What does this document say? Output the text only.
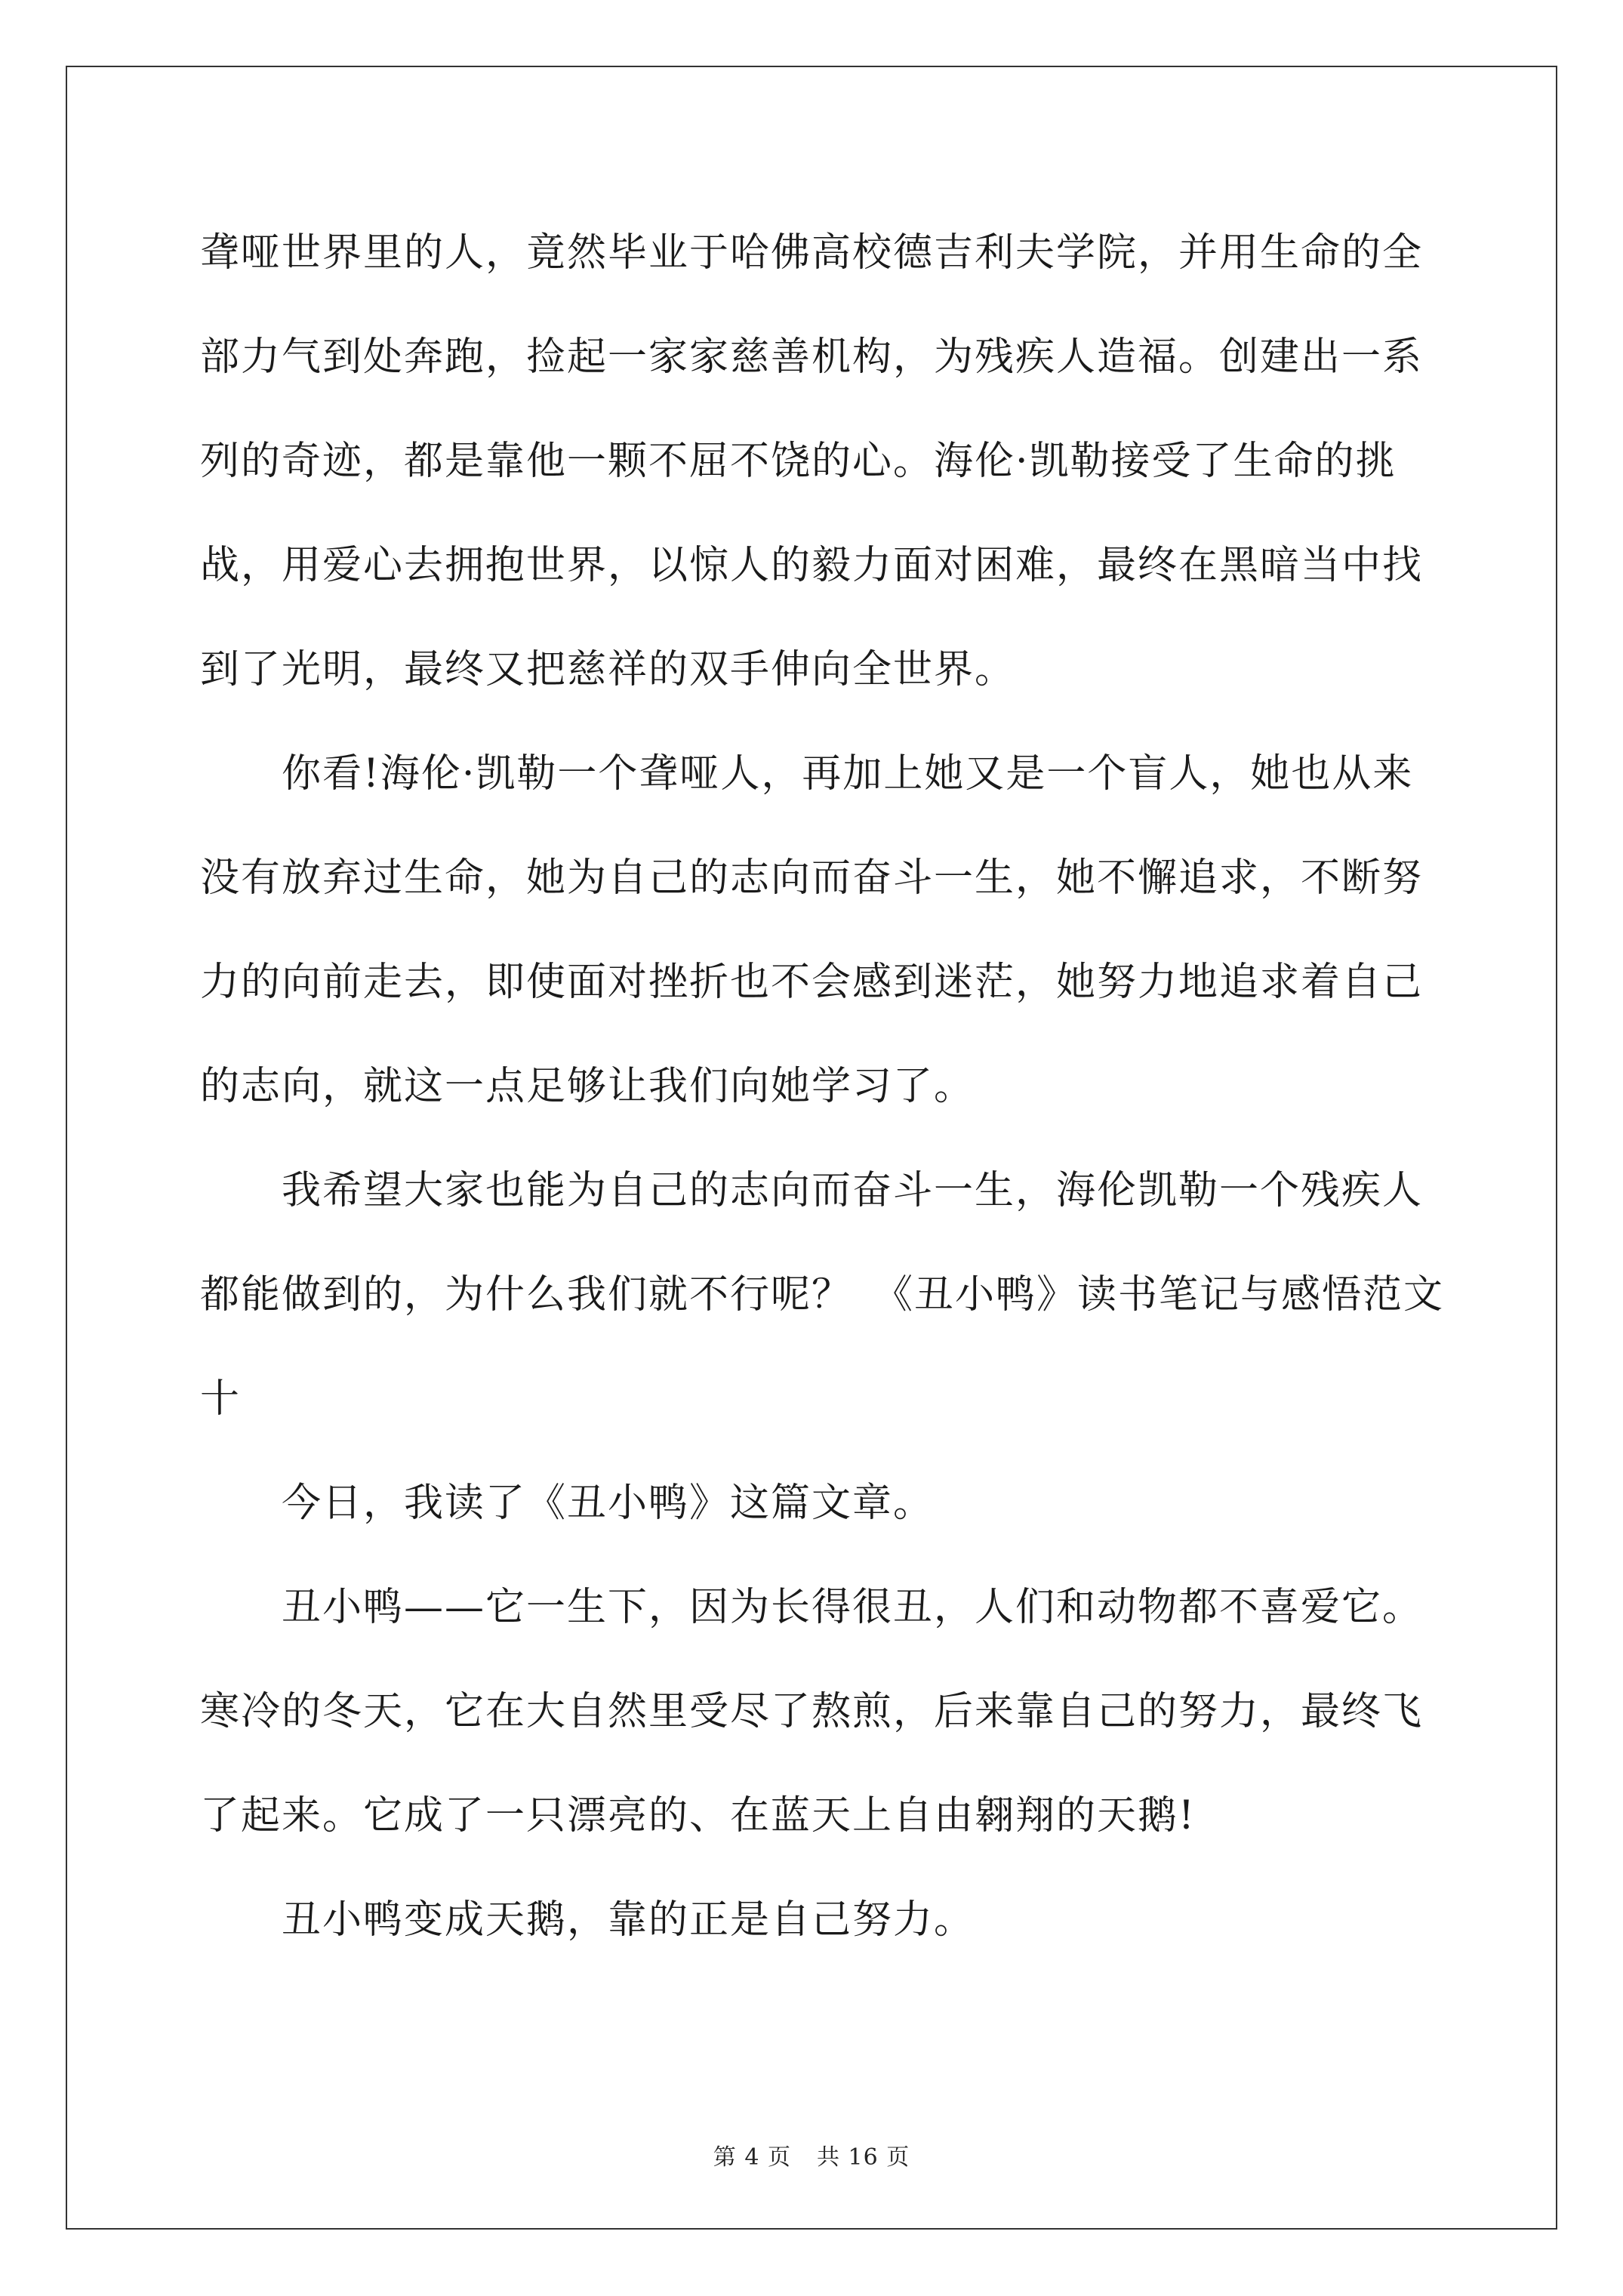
聋哑世界里的人，竟然毕业于哈佛高校德吉利夫学院，并用生命的全
部力气到处奔跑，捡起一家家慈善机构，为残疾人造福。创建出一系
列的奇迹，都是靠他一颗不屈不饶的心。海伦·凯勒接受了生命的挑
战，用爱心去拥抱世界，以惊人的毅力面对困难，最终在黑暗当中找
到了光明，最终又把慈祥的双手伸向全世界。
你看!海伦·凯勒一个聋哑人，再加上她又是一个盲人，她也从来
没有放弃过生命，她为自己的志向而奋斗一生，她不懈追求，不断努
力的向前走去，即使面对挫折也不会感到迷茫，她努力地追求着自己
的志向，就这一点足够让我们向她学习了。
我希望大家也能为自己的志向而奋斗一生，海伦凯勒一个残疾人
都能做到的，为什么我们就不行呢？　《丑小鸭》读书笔记与感悟范文
十
今日，我读了《丑小鸭》这篇文章。
丑小鸭——它一生下，因为长得很丑，人们和动物都不喜爱它。
寒冷的冬天，它在大自然里受尽了熬煎，后来靠自己的努力，最终飞
了起来。它成了一只漂亮的、在蓝天上自由翱翔的天鹅!
丑小鸭变成天鹅，靠的正是自己努力。
第 4 页 共 16 页
